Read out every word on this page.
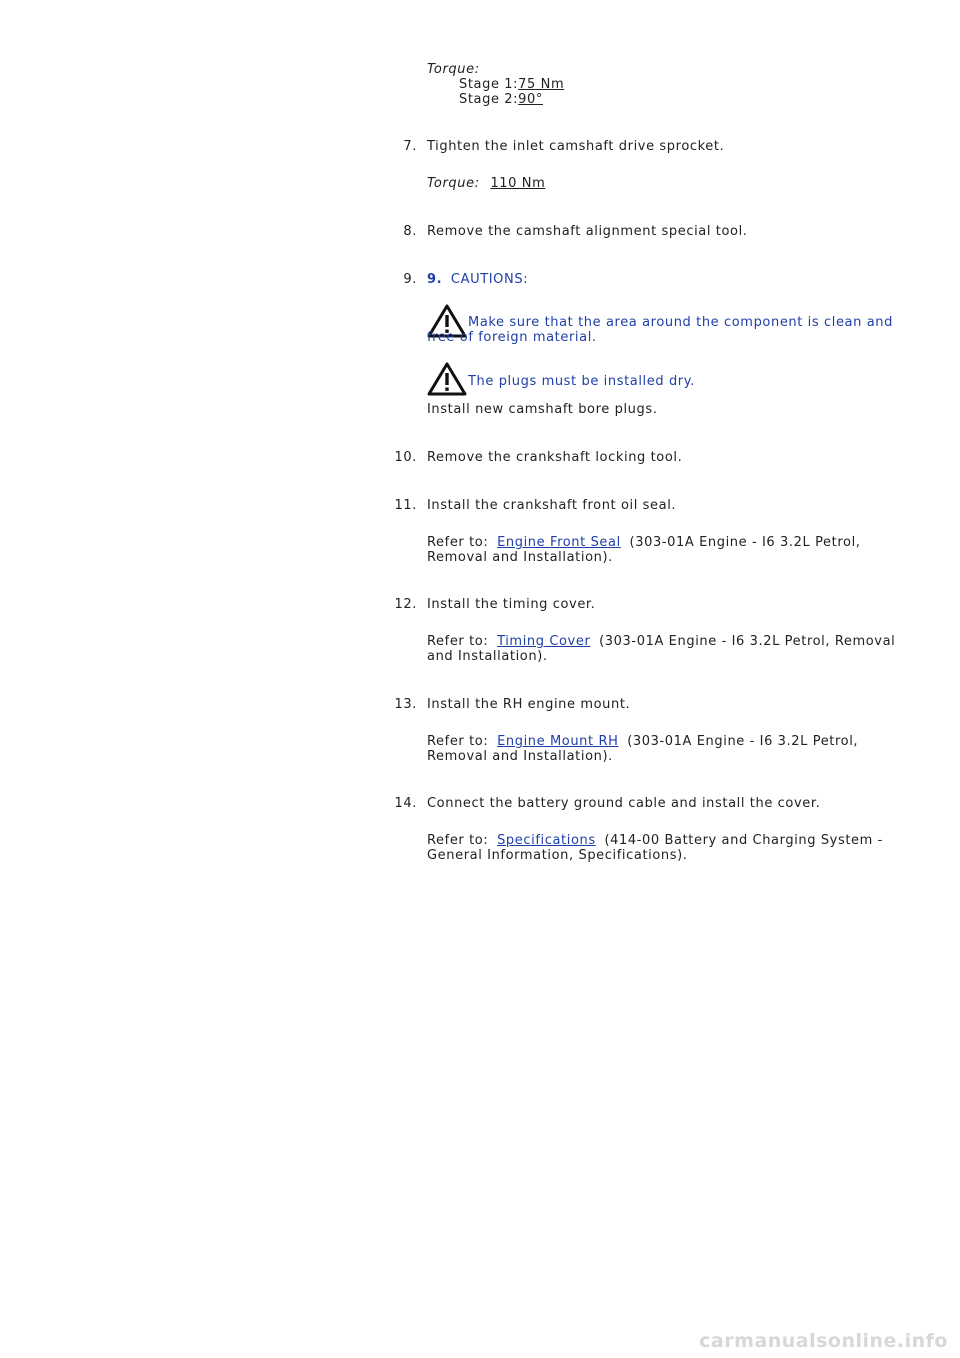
Torque:
Stage 1:75 Nm
Stage 2:90°
7. Tighten the inlet camshaft drive sprocket.
Torque: 110 Nm
8. Remove the camshaft alignment special tool.
9. 9. CAUTIONS:
Make sure that the area around the component is clean and
free of foreign material.
The plugs must be installed dry.
Install new camshaft bore plugs.
10. Remove the crankshaft locking tool.
11. Install the crankshaft front oil seal.
Refer to: Engine Front Seal (303-01A Engine - I6 3.2L Petrol,
Removal and Installation).
12. Install the timing cover.
Refer to: Timing Cover (303-01A Engine - I6 3.2L Petrol, Removal
and Installation).
13. Install the RH engine mount.
Refer to: Engine Mount RH (303-01A Engine - I6 3.2L Petrol,
Removal and Installation).
14. Connect the battery ground cable and install the cover.
Refer to: Specifications (414-00 Battery and Charging System -
General Information, Specifications).
carmanualsonline.info
